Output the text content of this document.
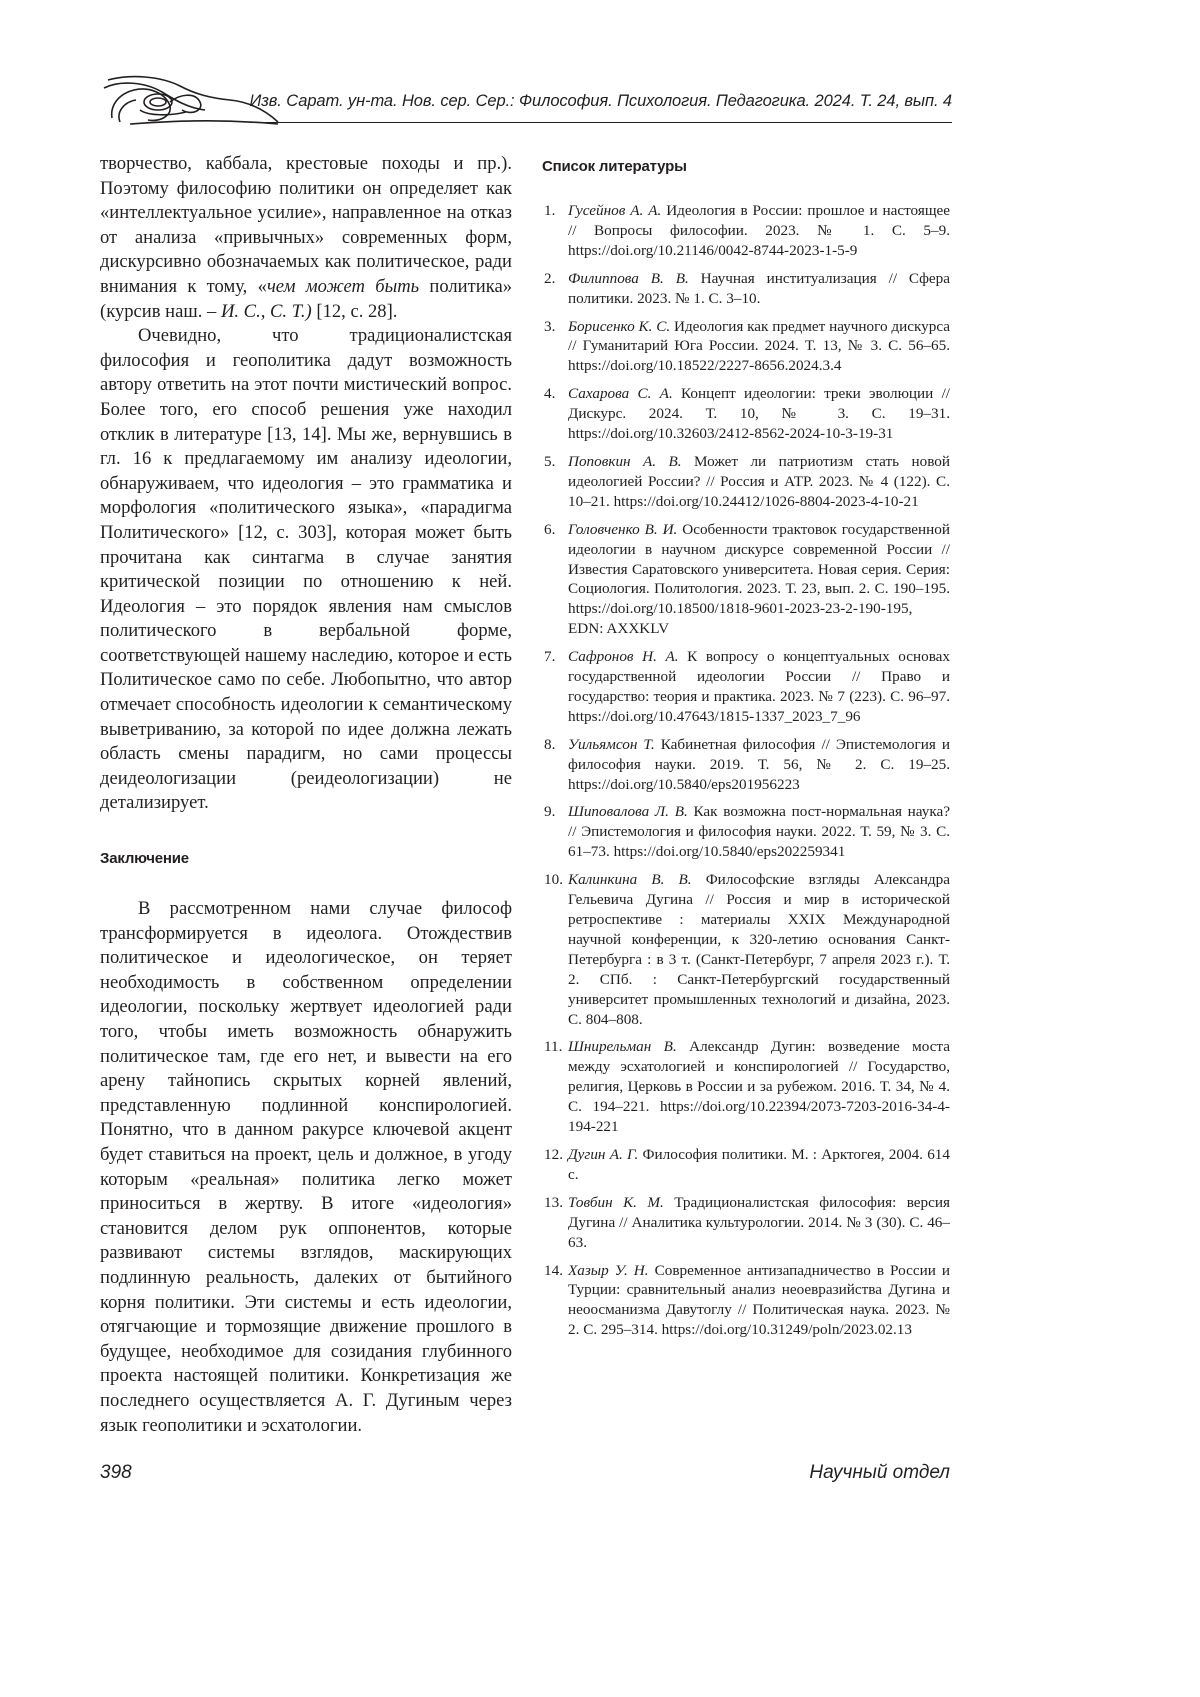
Изв. Сарат. ун-та. Нов. сер. Сер.: Философия. Психология. Педагогика. 2024. Т. 24, вып. 4

творчество, каббала, крестовые походы и пр.). Поэтому философию политики он определяет как «интеллектуальное усилие», направленное на отказ от анализа «привычных» современных форм, дискурсивно обозначаемых как политическое, ради внимания к тому, «чем может быть политика» (курсив наш. – И. С., С. Т.) [12, с. 28].

Очевидно, что традиционалистская философия и геополитика дадут возможность автору ответить на этот почти мистический вопрос. Более того, его способ решения уже находил отклик в литературе [13, 14]. Мы же, вернувшись в гл. 16 к предлагаемому им анализу идеологии, обнаруживаем, что идеология – это грамматика и морфология «политического языка», «парадигма Политического» [12, с. 303], которая может быть прочитана как синтагма в случае занятия критической позиции по отношению к ней. Идеология – это порядок явления нам смыслов политического в вербальной форме, соответствующей нашему наследию, которое и есть Политическое само по себе. Любопытно, что автор отмечает способность идеологии к семантическому выветриванию, за которой по идее должна лежать область смены парадигм, но сами процессы деидеологизации (реидеологизации) не детализирует.

Заключение

В рассмотренном нами случае философ трансформируется в идеолога. Отождествив политическое и идеологическое, он теряет необходимость в собственном определении идеологии, поскольку жертвует идеологией ради того, чтобы иметь возможность обнаружить политическое там, где его нет, и вывести на его арену тайнопись скрытых корней явлений, представленную подлинной конспирологией. Понятно, что в данном ракурсе ключевой акцент будет ставиться на проект, цель и должное, в угоду которым «реальная» политика легко может приноситься в жертву. В итоге «идеология» становится делом рук оппонентов, которые развивают системы взглядов, маскирующих подлинную реальность, далеких от бытийного корня политики. Эти системы и есть идеологии, отягчающие и тормозящие движение прошлого в будущее, необходимое для созидания глубинного проекта настоящей политики. Конкретизация же последнего осуществляется А. Г. Дугиным через язык геополитики и эсхатологии.

Список литературы
1. Гусейнов А. А. Идеология в России: прошлое и настоящее // Вопросы философии. 2023. № 1. С. 5–9. https://doi.org/10.21146/0042-8744-2023-1-5-9
2. Филиппова В. В. Научная институализация // Сфера политики. 2023. № 1. С. 3–10.
3. Борисенко К. С. Идеология как предмет научного дискурса // Гуманитарий Юга России. 2024. Т. 13, № 3. С. 56–65. https://doi.org/10.18522/2227-8656.2024.3.4
4. Сахарова С. А. Концепт идеологии: треки эволюции // Дискурс. 2024. Т. 10, № 3. С. 19–31. https://doi.org/10.32603/2412-8562-2024-10-3-19-31
5. Поповкин А. В. Может ли патриотизм стать новой идеологией России? // Россия и АТР. 2023. № 4 (122). С. 10–21. https://doi.org/10.24412/1026-8804-2023-4-10-21
6. Головченко В. И. Особенности трактовок государственной идеологии в научном дискурсе современной России // Известия Саратовского университета. Новая серия. Серия: Социология. Политология. 2023. Т. 23, вып. 2. С. 190–195. https://doi.org/10.18500/1818-9601-2023-23-2-190-195, EDN: AXXKLV
7. Сафронов Н. А. К вопросу о концептуальных основах государственной идеологии России // Право и государство: теория и практика. 2023. № 7 (223). С. 96–97. https://doi.org/10.47643/1815-1337_2023_7_96
8. Уильямсон Т. Кабинетная философия // Эпистемология и философия науки. 2019. Т. 56, № 2. С. 19–25. https://doi.org/10.5840/eps201956223
9. Шиповалова Л. В. Как возможна пост-нормальная наука? // Эпистемология и философия науки. 2022. Т. 59, № 3. С. 61–73. https://doi.org/10.5840/eps202259341
10. Калинкина В. В. Философские взгляды Александра Гельевича Дугина // Россия и мир в исторической ретроспективе : материалы XXIX Международной научной конференции, к 320-летию основания Санкт-Петербурга : в 3 т. (Санкт-Петербург, 7 апреля 2023 г.). Т. 2. СПб. : Санкт-Петербургский государственный университет промышленных технологий и дизайна, 2023. С. 804–808.
11. Шнирельман В. Александр Дугин: возведение моста между эсхатологией и конспирологией // Государство, религия, Церковь в России и за рубежом. 2016. Т. 34, № 4. С. 194–221. https://doi.org/10.22394/2073-7203-2016-34-4-194-221
12. Дугин А. Г. Философия политики. М. : Арктогея, 2004. 614 с.
13. Товбин К. М. Традиционалистская философия: версия Дугина // Аналитика культурологии. 2014. № 3 (30). С. 46–63.
14. Хазыр У. Н. Современное антизападничество в России и Турции: сравнительный анализ неоевразийства Дугина и неоосманизма Давутоглу // Политическая наука. 2023. № 2. С. 295–314. https://doi.org/10.31249/poln/2023.02.13
398	Научный отдел
